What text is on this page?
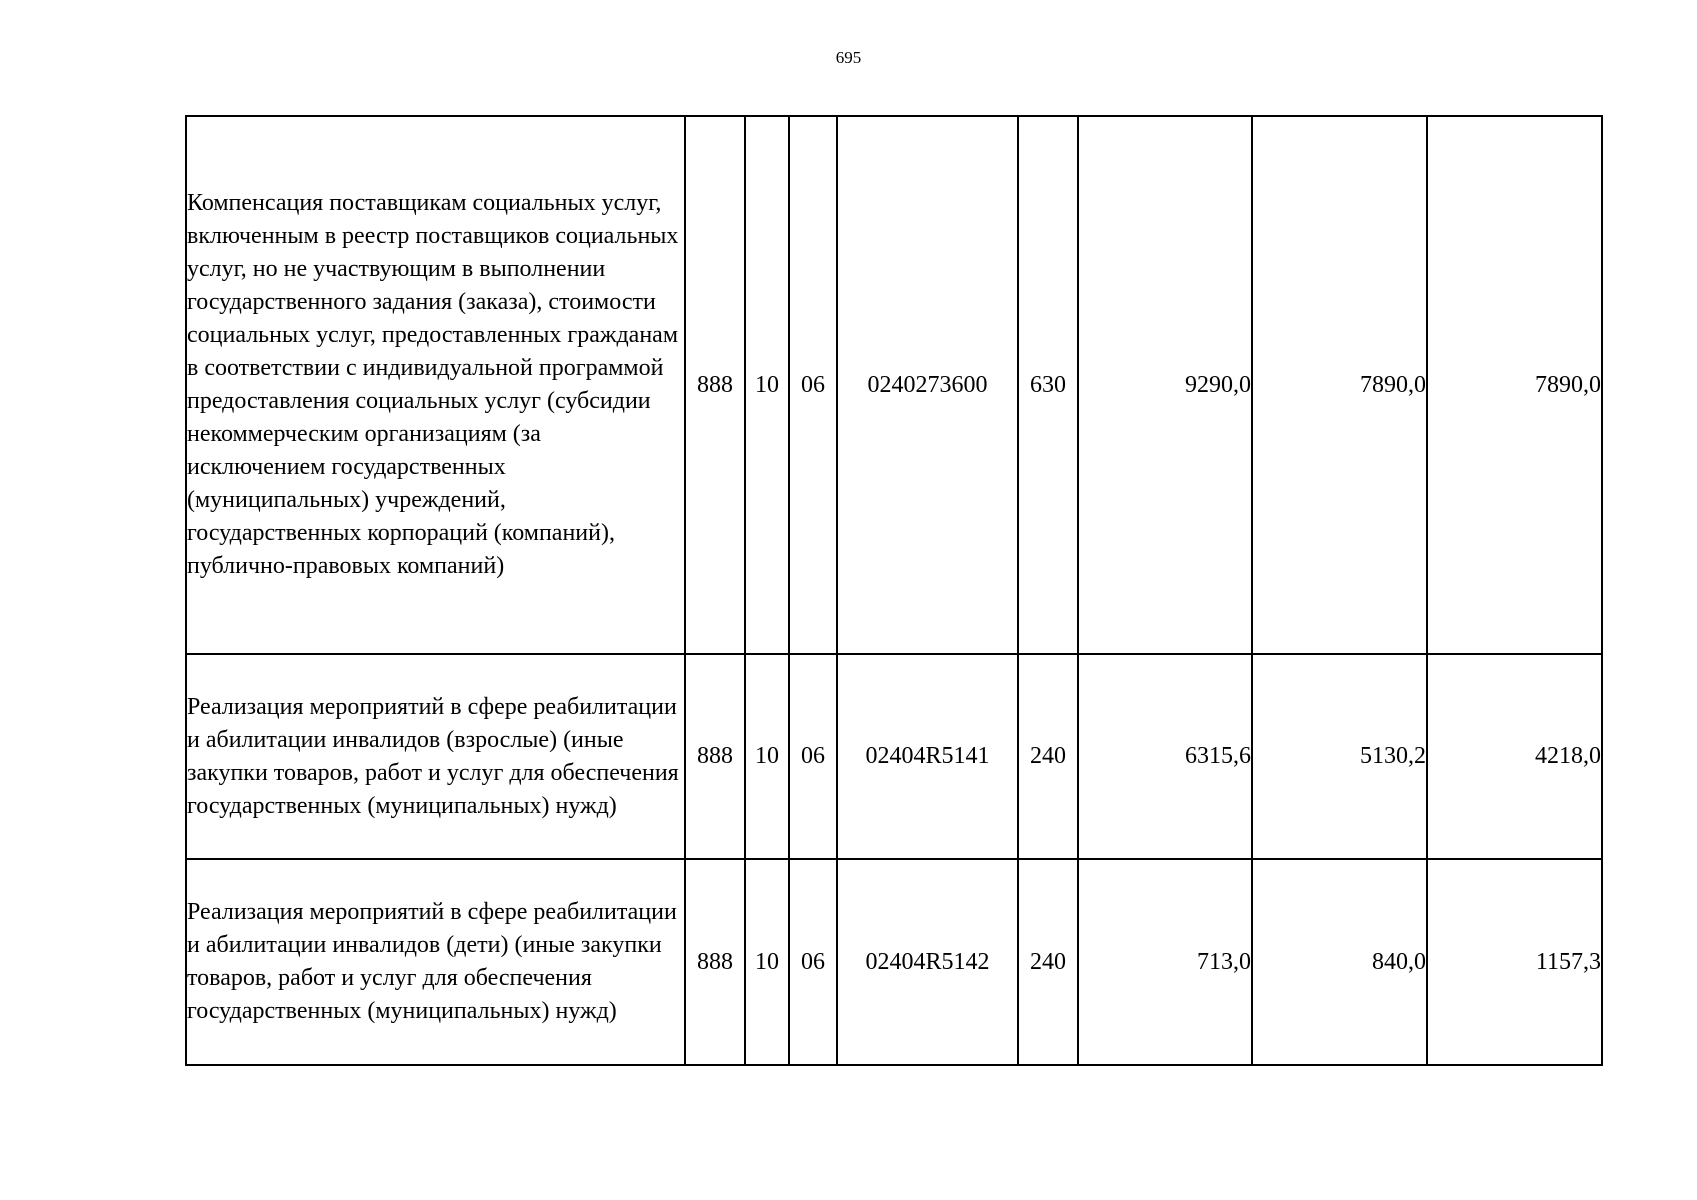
695
Компенсация поставщикам социальных услуг, включенным в реестр поставщиков социальных услуг, но не участвующим в выполнении государственного задания (заказа), стоимости социальных услуг, предоставленных гражданам в соответствии с индивидуальной программой предоставления социальных услуг (субсидии некоммерческим организациям (за исключением государственных (муниципальных) учреждений, государственных корпораций (компаний), публично-правовых компаний)	888	10	06	0240273600	630	9290,0	7890,0	7890,0
Реализация мероприятий в сфере реабилитации и абилитации инвалидов (взрослые) (иные закупки товаров, работ и услуг для обеспечения государственных (муниципальных) нужд)	888	10	06	02404R5141	240	6315,6	5130,2	4218,0
Реализация мероприятий в сфере реабилитации и абилитации инвалидов (дети) (иные закупки товаров, работ и услуг для обеспечения государственных (муниципальных) нужд)	888	10	06	02404R5142	240	713,0	840,0	1157,3
